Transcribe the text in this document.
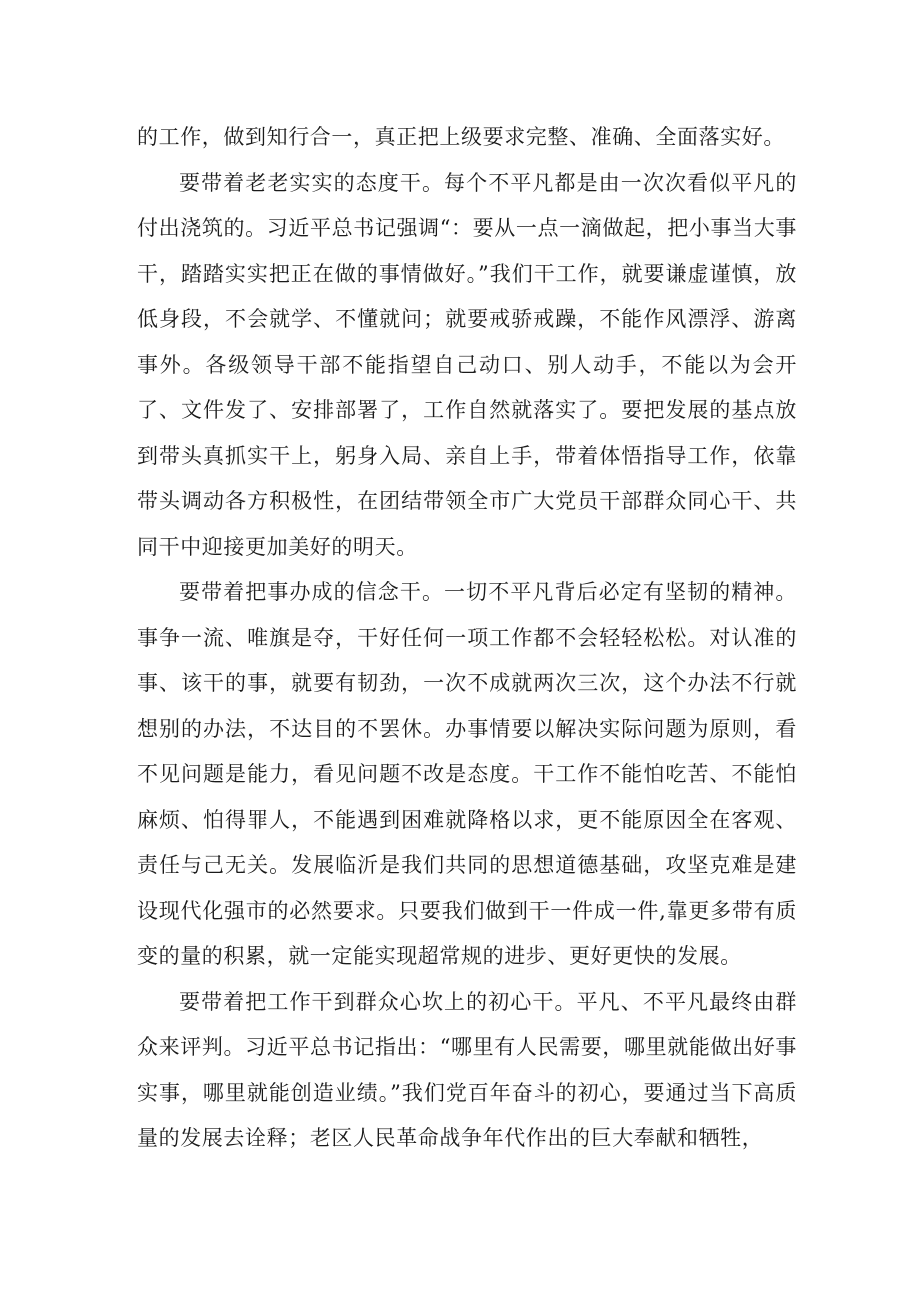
的工作，做到知行合一，真正把上级要求完整、准确、全面落实好。

要带着老老实实的态度干。每个不平凡都是由一次次看似平凡的付出浇筑的。习近平总书记强调“：要从一点一滴做起，把小事当大事干，踏踏实实把正在做的事情做好。”我们干工作，就要谦虚谨慎，放低身段，不会就学、不懂就问；就要戒骄戒躁，不能作风漂浮、游离事外。各级领导干部不能指望自己动口、别人动手，不能以为会开了、文件发了、安排部署了，工作自然就落实了。要把发展的基点放到带头真抓实干上，躬身入局、亲自上手，带着体悟指导工作，依靠带头调动各方积极性，在团结带领全市广大党员干部群众同心干、共同干中迎接更加美好的明天。

要带着把事办成的信念干。一切不平凡背后必定有坚韧的精神。事争一流、唯旗是夺，干好任何一项工作都不会轻轻松松。对认准的事、该干的事，就要有韧劲，一次不成就两次三次，这个办法不行就想别的办法，不达目的不罢休。办事情要以解决实际问题为原则，看不见问题是能力，看见问题不改是态度。干工作不能怕吃苦、不能怕麻烦、怕得罪人，不能遇到困难就降格以求，更不能原因全在客观、责任与己无关。发展临沂是我们共同的思想道德基础，攻坚克难是建设现代化强市的必然要求。只要我们做到干一件成一件,靠更多带有质变的量的积累，就一定能实现超常规的进步、更好更快的发展。

要带着把工作干到群众心坎上的初心干。平凡、不平凡最终由群众来评判。习近平总书记指出：“哪里有人民需要，哪里就能做出好事实事，哪里就能创造业绩。”我们党百年奋斗的初心，要通过当下高质量的发展去诠释；老区人民革命战争年代作出的巨大奉献和牺牲，
